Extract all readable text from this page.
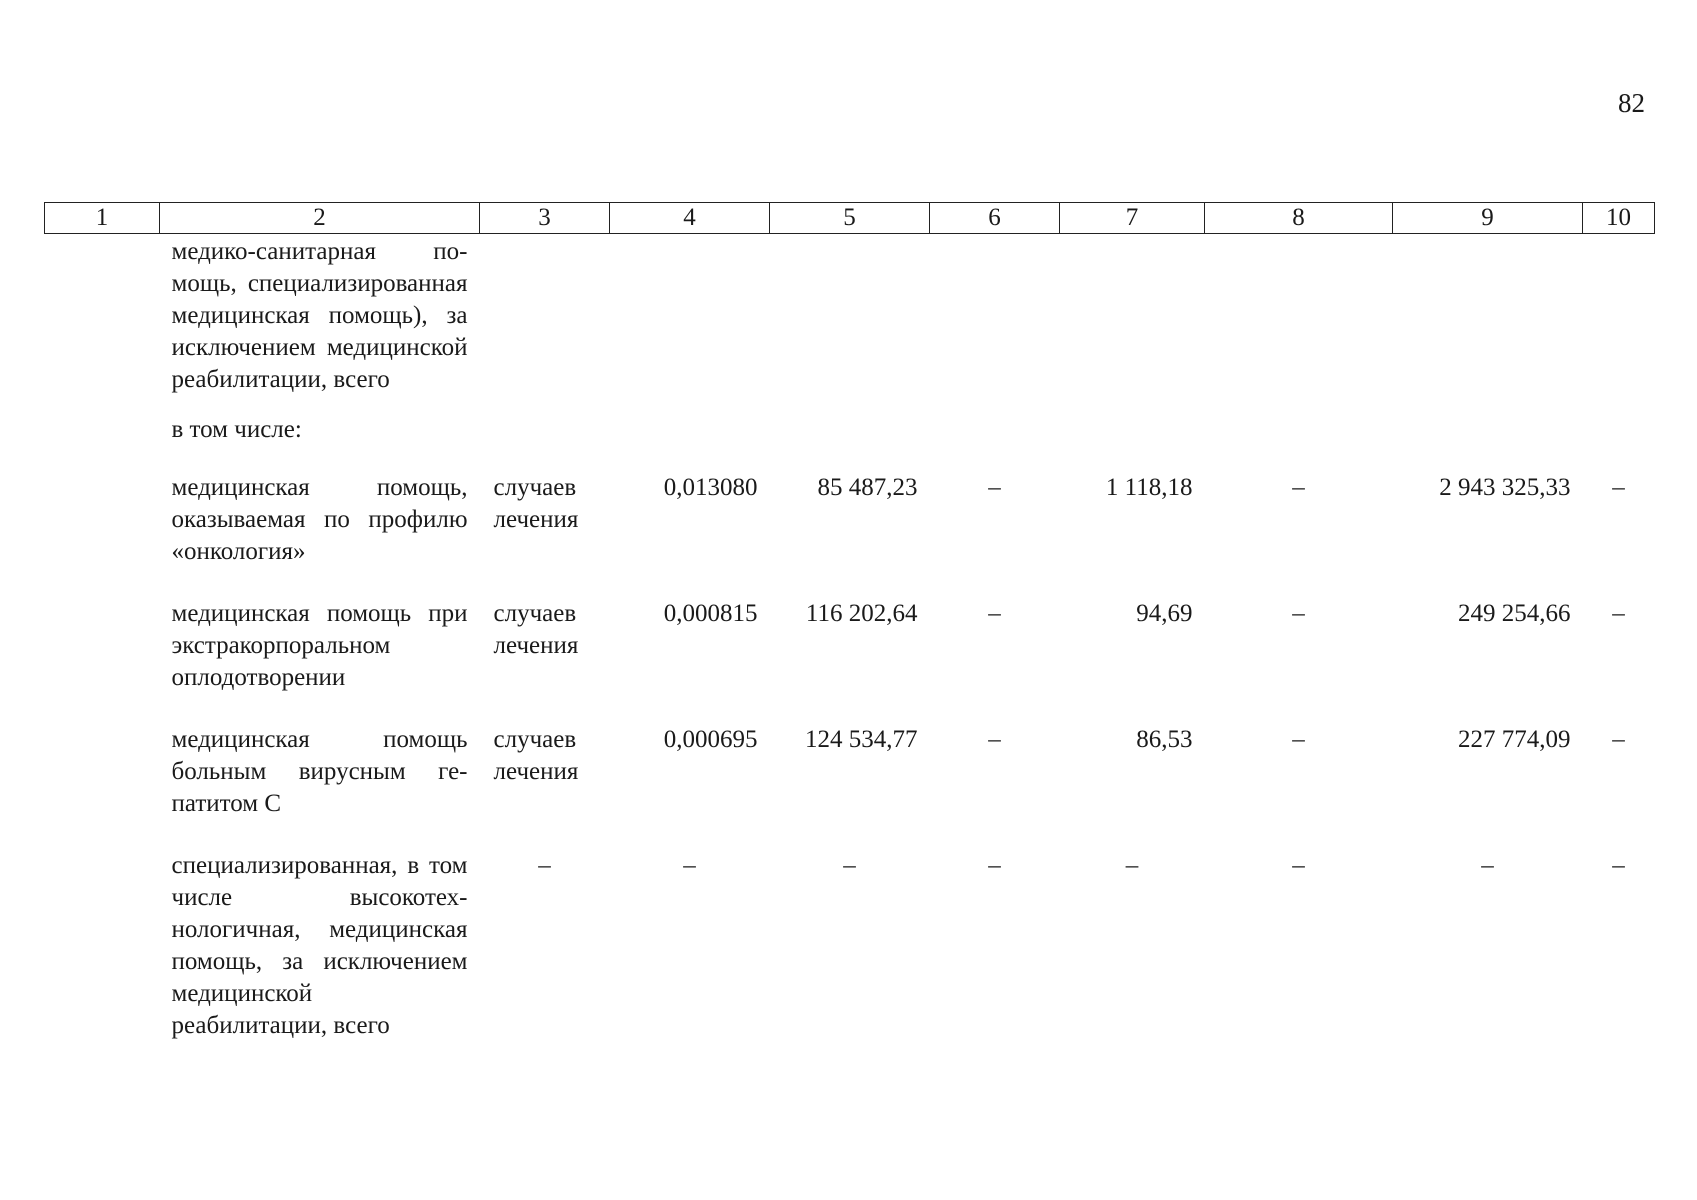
82
1	2	3	4	5	6	7	8	9	10
	медико-санитарная помощь, специализированная медицинская помощь), за исключением медицинской реабилитации, всего								
	в том числе:								
	медицинская помощь, оказываемая по профилю «онкология»	случаев лечения	0,013080	85 487,23	–	1 118,18	–	2 943 325,33	–
	медицинская помощь при экстракорпоральном оплодотворении	случаев лечения	0,000815	116 202,64	–	94,69	–	249 254,66	–
	медицинская помощь больным вирусным гепатитом С	случаев лечения	0,000695	124 534,77	–	86,53	–	227 774,09	–
	специализированная, в том числе высокотехнологичная, медицинская помощь, за исключением медицинской реабилитации, всего	–	–	–	–	–	–	–	–
